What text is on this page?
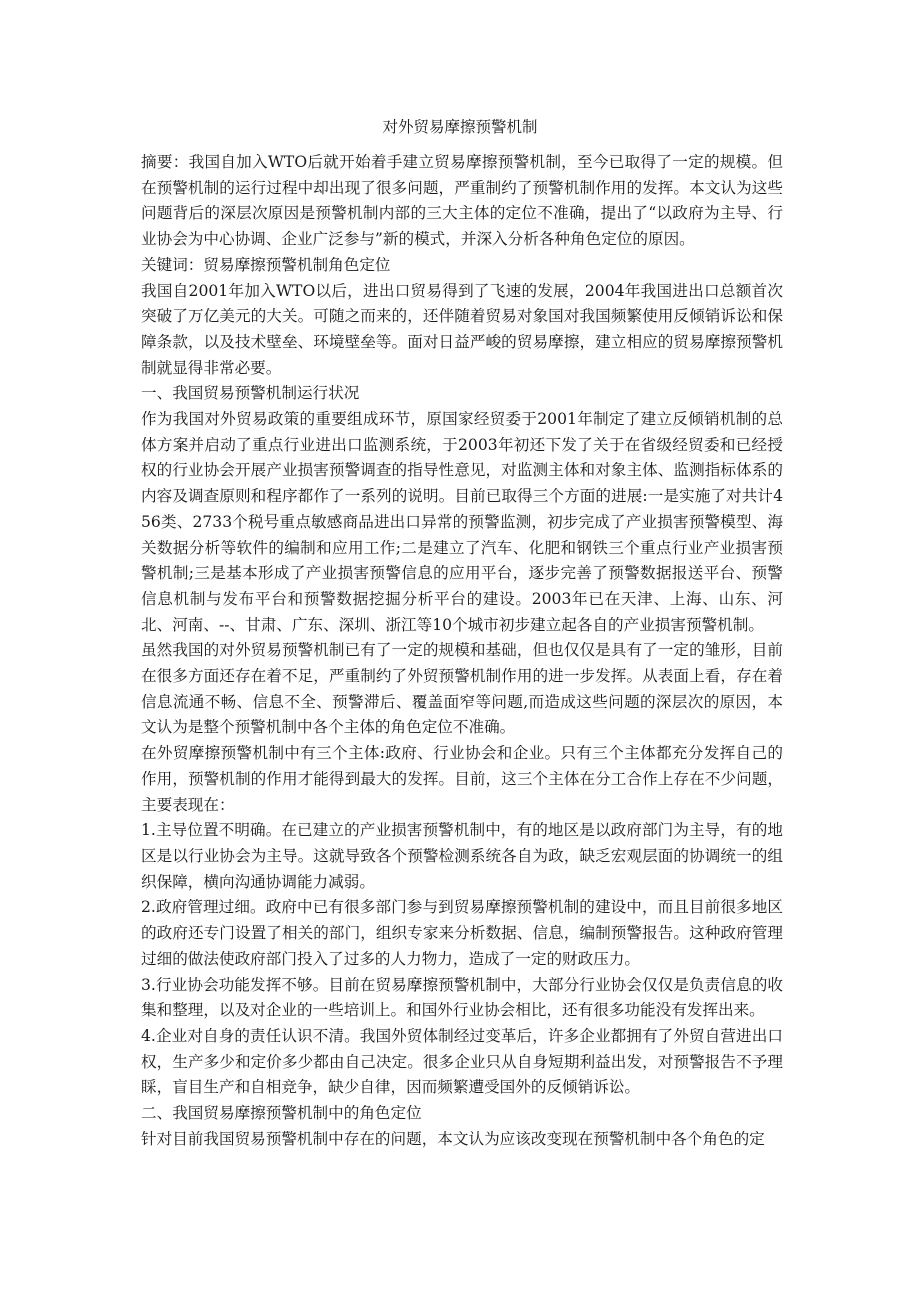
对外贸易摩擦预警机制

摘要：我国自加入WTO后就开始着手建立贸易摩擦预警机制，至今已取得了一定的规模。但在预警机制的运行过程中却出现了很多问题，严重制约了预警机制作用的发挥。本文认为这些问题背后的深层次原因是预警机制内部的三大主体的定位不准确，提出了“以政府为主导、行业协会为中心协调、企业广泛参与”新的模式，并深入分析各种角色定位的原因。

关键词：贸易摩擦预警机制角色定位

我国自2001年加入WTO以后，进出口贸易得到了飞速的发展，2004年我国进出口总额首次突破了万亿美元的大关。可随之而来的，还伴随着贸易对象国对我国频繁使用反倾销诉讼和保障条款，以及技术壁垒、环境壁垒等。面对日益严峻的贸易摩擦，建立相应的贸易摩擦预警机制就显得非常必要。

一、我国贸易预警机制运行状况

作为我国对外贸易政策的重要组成环节，原国家经贸委于2001年制定了建立反倾销机制的总体方案并启动了重点行业进出口监测系统，于2003年初还下发了关于在省级经贸委和已经授权的行业协会开展产业损害预警调查的指导性意见，对监测主体和对象主体、监测指标体系的内容及调查原则和程序都作了一系列的说明。目前已取得三个方面的进展:一是实施了对共计456类、2733个税号重点敏感商品进出口异常的预警监测，初步完成了产业损害预警模型、海关数据分析等软件的编制和应用工作;二是建立了汽车、化肥和钢铁三个重点行业产业损害预警机制;三是基本形成了产业损害预警信息的应用平台，逐步完善了预警数据报送平台、预警信息机制与发布平台和预警数据挖掘分析平台的建设。2003年已在天津、上海、山东、河北、河南、--、甘肃、广东、深圳、浙江等10个城市初步建立起各自的产业损害预警机制。

虽然我国的对外贸易预警机制已有了一定的规模和基础，但也仅仅是具有了一定的雏形，目前在很多方面还存在着不足，严重制约了外贸预警机制作用的进一步发挥。从表面上看，存在着信息流通不畅、信息不全、预警滞后、覆盖面窄等问题,而造成这些问题的深层次的原因，本文认为是整个预警机制中各个主体的角色定位不准确。

在外贸摩擦预警机制中有三个主体:政府、行业协会和企业。只有三个主体都充分发挥自己的作用，预警机制的作用才能得到最大的发挥。目前，这三个主体在分工合作上存在不少问题，主要表现在：

1.主导位置不明确。在已建立的产业损害预警机制中，有的地区是以政府部门为主导，有的地区是以行业协会为主导。这就导致各个预警检测系统各自为政，缺乏宏观层面的协调统一的组织保障，横向沟通协调能力减弱。

2.政府管理过细。政府中已有很多部门参与到贸易摩擦预警机制的建设中，而且目前很多地区的政府还专门设置了相关的部门，组织专家来分析数据、信息，编制预警报告。这种政府管理过细的做法使政府部门投入了过多的人力物力，造成了一定的财政压力。

3.行业协会功能发挥不够。目前在贸易摩擦预警机制中，大部分行业协会仅仅是负责信息的收集和整理，以及对企业的一些培训上。和国外行业协会相比，还有很多功能没有发挥出来。

4.企业对自身的责任认识不清。我国外贸体制经过变革后，许多企业都拥有了外贸自营进出口权，生产多少和定价多少都由自己决定。很多企业只从自身短期利益出发，对预警报告不予理睬，盲目生产和自相竞争，缺少自律，因而频繁遭受国外的反倾销诉讼。

二、我国贸易摩擦预警机制中的角色定位

针对目前我国贸易预警机制中存在的问题，本文认为应该改变现在预警机制中各个角色的定
